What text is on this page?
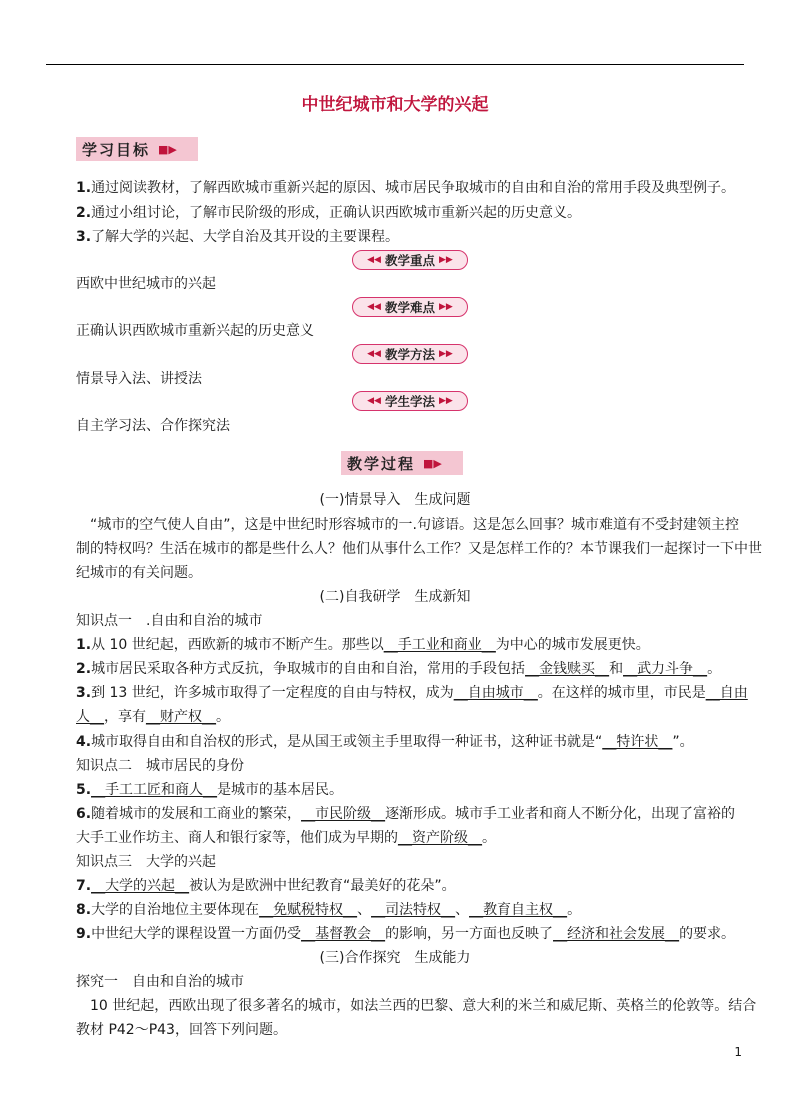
中世纪城市和大学的兴起
学习目标 ■▶
1.通过阅读教材，了解西欧城市重新兴起的原因、城市居民争取城市的自由和自治的常用手段及典型例子。
2.通过小组讨论，了解市民阶级的形成，正确认识西欧城市重新兴起的历史意义。
3.了解大学的兴起、大学自治及其开设的主要课程。
◀◀ 教学重点 ▶▶
西欧中世纪城市的兴起
◀◀ 教学难点 ▶▶
正确认识西欧城市重新兴起的历史意义
◀◀ 教学方法 ▶▶
情景导入法、讲授法
◀◀ 学生学法 ▶▶
自主学习法、合作探究法
教学过程 ■▶
(一)情景导入　生成问题
“城市的空气使人自由”，这是中世纪时形容城市的一.句谚语。这是怎么回事？城市难道有不受封建领主控
制的特权吗？生活在城市的都是些什么人？他们从事什么工作？又是怎样工作的？本节课我们一起探讨一下中世
纪城市的有关问题。
(二)自我研学　生成新知
知识点一　.自由和自治的城市
1.从 10 世纪起，西欧新的城市不断产生。那些以__手工业和商业__为中心的城市发展更快。
2.城市居民采取各种方式反抗，争取城市的自由和自治，常用的手段包括__金钱赎买__和__武力斗争__。
3.到 13 世纪，许多城市取得了一定程度的自由与特权，成为__自由城市__。在这样的城市里，市民是__自由
人__，享有__财产权__。
4.城市取得自由和自治权的形式，是从国王或领主手里取得一种证书，这种证书就是“__特许状__”。
知识点二　城市居民的身份
5.__手工工匠和商人__是城市的基本居民。
6.随着城市的发展和工商业的繁荣，__市民阶级__逐渐形成。城市手工业者和商人不断分化，出现了富裕的
大手工业作坊主、商人和银行家等，他们成为早期的__资产阶级__。
知识点三　大学的兴起
7.__大学的兴起__被认为是欧洲中世纪教育“最美好的花朵”。
8.大学的自治地位主要体现在__免赋税特权__、__司法特权__、__教育自主权__。
9.中世纪大学的课程设置一方面仍受__基督教会__的影响，另一方面也反映了__经济和社会发展__的要求。
(三)合作探究　生成能力
探究一　自由和自治的城市
10 世纪起，西欧出现了很多著名的城市，如法兰西的巴黎、意大利的米兰和威尼斯、英格兰的伦敦等。结合
教材 P42～P43，回答下列问题。
1
